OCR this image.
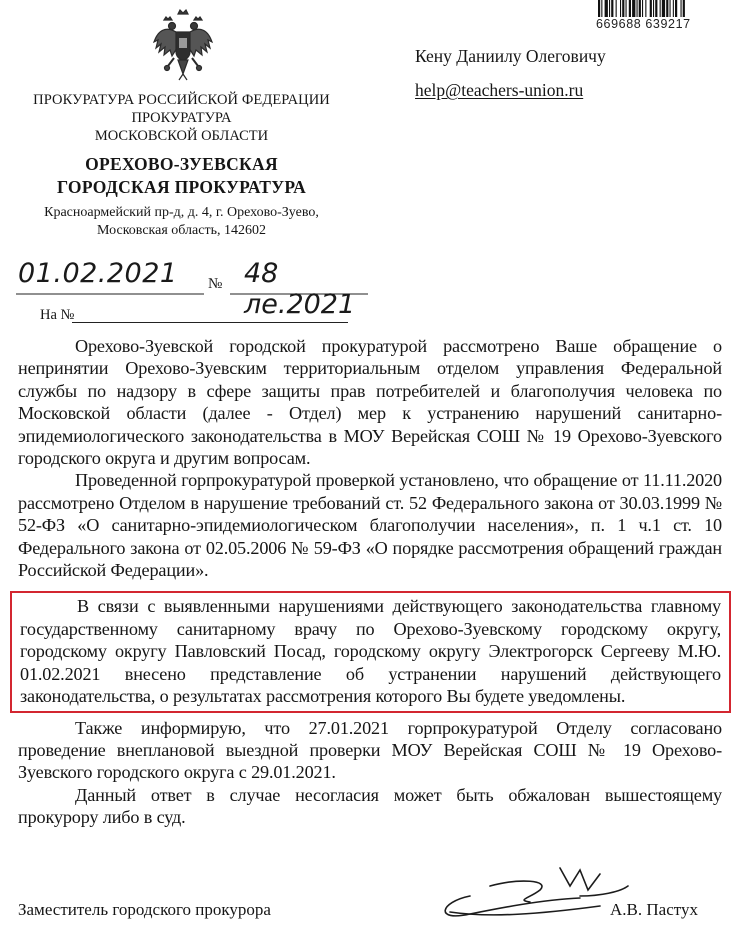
669688 639217
Кену Даниилу Олеговичу
help@teachers-union.ru
ПРОКУРАТУРА РОССИЙСКОЙ ФЕДЕРАЦИИ
ПРОКУРАТУРА
МОСКОВСКОЙ ОБЛАСТИ
ОРЕХОВО-ЗУЕВСКАЯ
ГОРОДСКАЯ ПРОКУРАТУРА
Красноармейский пр-д, д. 4, г. Орехово-Зуево,
Московская область, 142602
01.02.2021 № 48 ле.2021
На №

Орехово-Зуевской городской прокуратурой рассмотрено Ваше обращение о непринятии Орехово-Зуевским территориальным отделом управления Федеральной службы по надзору в сфере защиты прав потребителей и благополучия человека по Московской области (далее - Отдел) мер к устранению нарушений санитарно-эпидемиологического законодательства в МОУ Верейская СОШ № 19 Орехово-Зуевского городского округа и другим вопросам.

Проведенной горпрокуратурой проверкой установлено, что обращение от 11.11.2020 рассмотрено Отделом в нарушение требований ст. 52 Федерального закона от 30.03.1999 № 52-ФЗ «О санитарно-эпидемиологическом благополучии населения», п. 1 ч.1 ст. 10 Федерального закона от 02.05.2006 № 59-ФЗ «О порядке рассмотрения обращений граждан Российской Федерации».

В связи с выявленными нарушениями действующего законодательства главному государственному санитарному врачу по Орехово-Зуевскому городскому округу, городскому округу Павловский Посад, городскому округу Электрогорск Сергееву М.Ю. 01.02.2021 внесено представление об устранении нарушений действующего законодательства, о результатах рассмотрения которого Вы будете уведомлены.

Также информирую, что 27.01.2021 горпрокуратурой Отделу согласовано проведение внеплановой выездной проверки МОУ Верейская СОШ № 19 Орехово-Зуевского городского округа с 29.01.2021.

Данный ответ в случае несогласия может быть обжалован вышестоящему прокурору либо в суд.

Заместитель городского прокурора	А.В. Пастух
